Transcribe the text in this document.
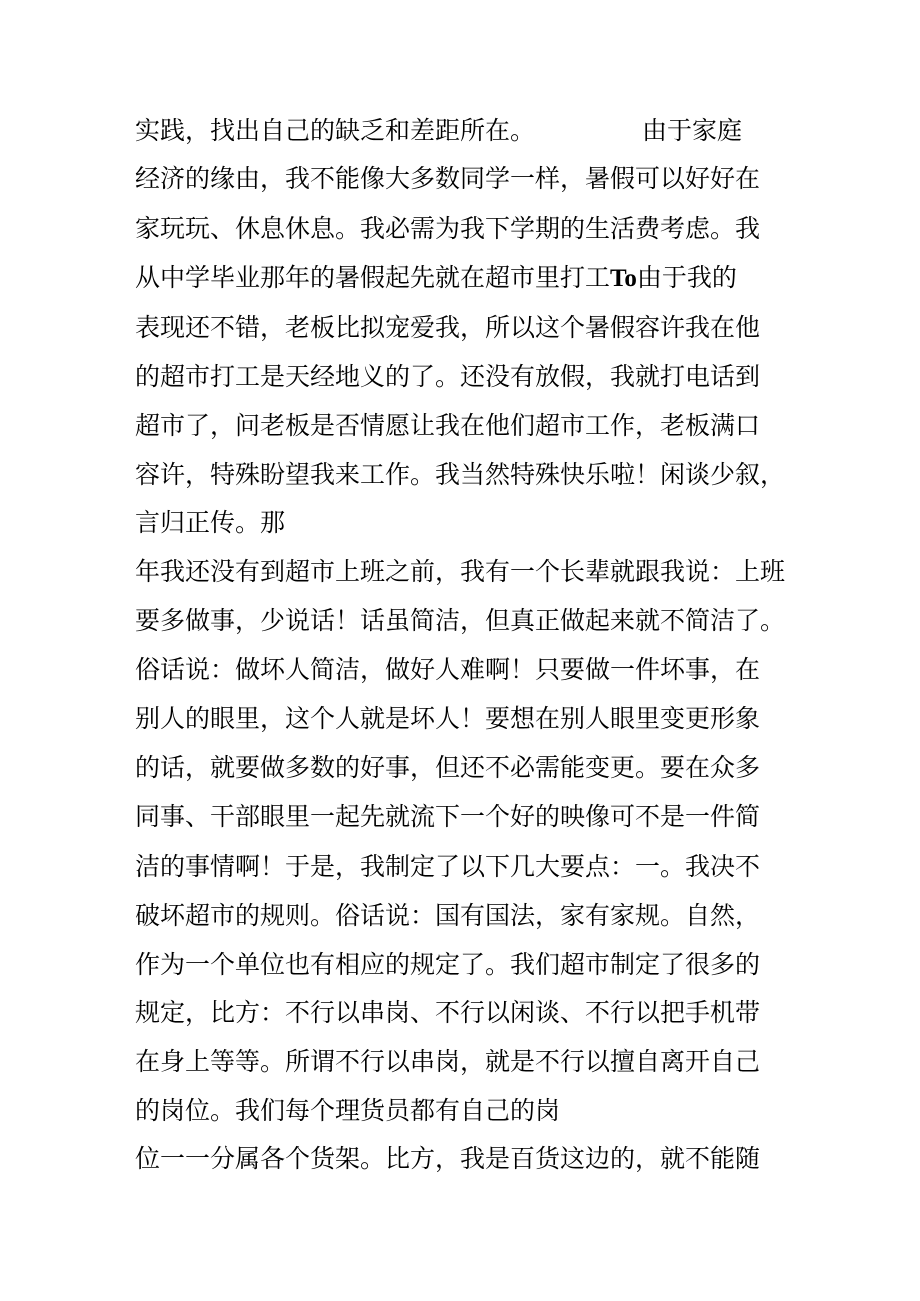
实践，找出自己的缺乏和差距所在。	由于家庭
经济的缘由，我不能像大多数同学一样，暑假可以好好在
家玩玩、休息休息。我必需为我下学期的生活费考虑。我
从中学毕业那年的暑假起先就在超市里打工To由于我的
表现还不错，老板比拟宠爱我，所以这个暑假容许我在他
的超市打工是天经地义的了。还没有放假，我就打电话到
超市了，问老板是否情愿让我在他们超市工作，老板满口
容许，特殊盼望我来工作。我当然特殊快乐啦！闲谈少叙，
言归正传。那
年我还没有到超市上班之前，我有一个长辈就跟我说：上班
要多做事，少说话！话虽简洁，但真正做起来就不简洁了。
俗话说：做坏人简洁，做好人难啊！只要做一件坏事，在
别人的眼里，这个人就是坏人！要想在别人眼里变更形象
的话，就要做多数的好事，但还不必需能变更。要在众多
同事、干部眼里一起先就流下一个好的映像可不是一件简
洁的事情啊！于是，我制定了以下几大要点：一。我决不
破坏超市的规则。俗话说：国有国法，家有家规。自然，
作为一个单位也有相应的规定了。我们超市制定了很多的
规定，比方：不行以串岗、不行以闲谈、不行以把手机带
在身上等等。所谓不行以串岗，就是不行以擅自离开自己
的岗位。我们每个理货员都有自己的岗
位一一分属各个货架。比方，我是百货这边的，就不能随
